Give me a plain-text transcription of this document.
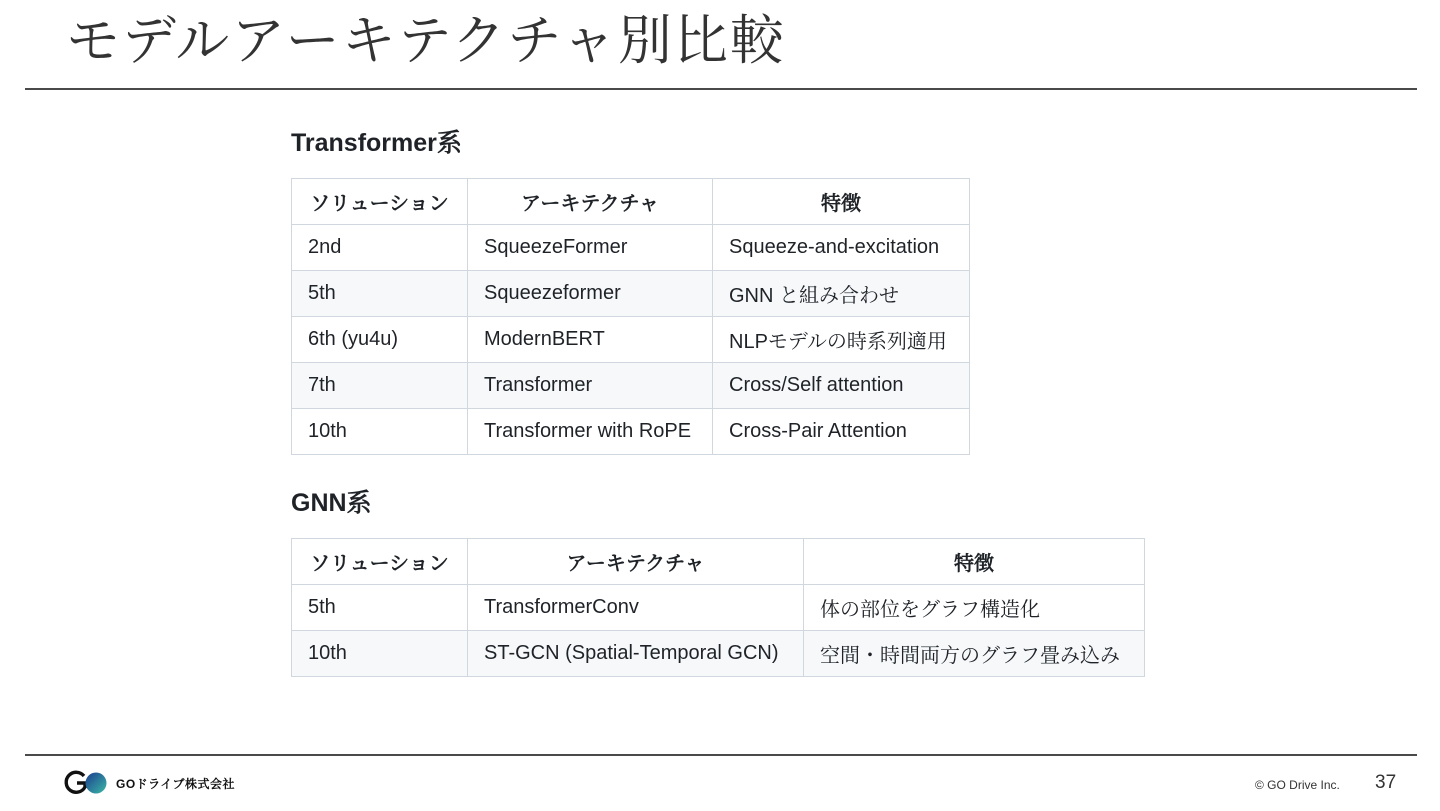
モデルアーキテクチャ別比較
Transformer系
ソリューション	アーキテクチャ	特徴
2nd	SqueezeFormer	Squeeze-and-excitation
5th	Squeezeformer	GNN と組み合わせ
6th (yu4u)	ModernBERT	NLPモデルの時系列適用
7th	Transformer	Cross/Self attention
10th	Transformer with RoPE	Cross-Pair Attention
GNN系
ソリューション	アーキテクチャ	特徴
5th	TransformerConv	体の部位をグラフ構造化
10th	ST-GCN (Spatial-Temporal GCN)	空間・時間両方のグラフ畳み込み
GOドライブ株式会社	© GO Drive Inc. 37
